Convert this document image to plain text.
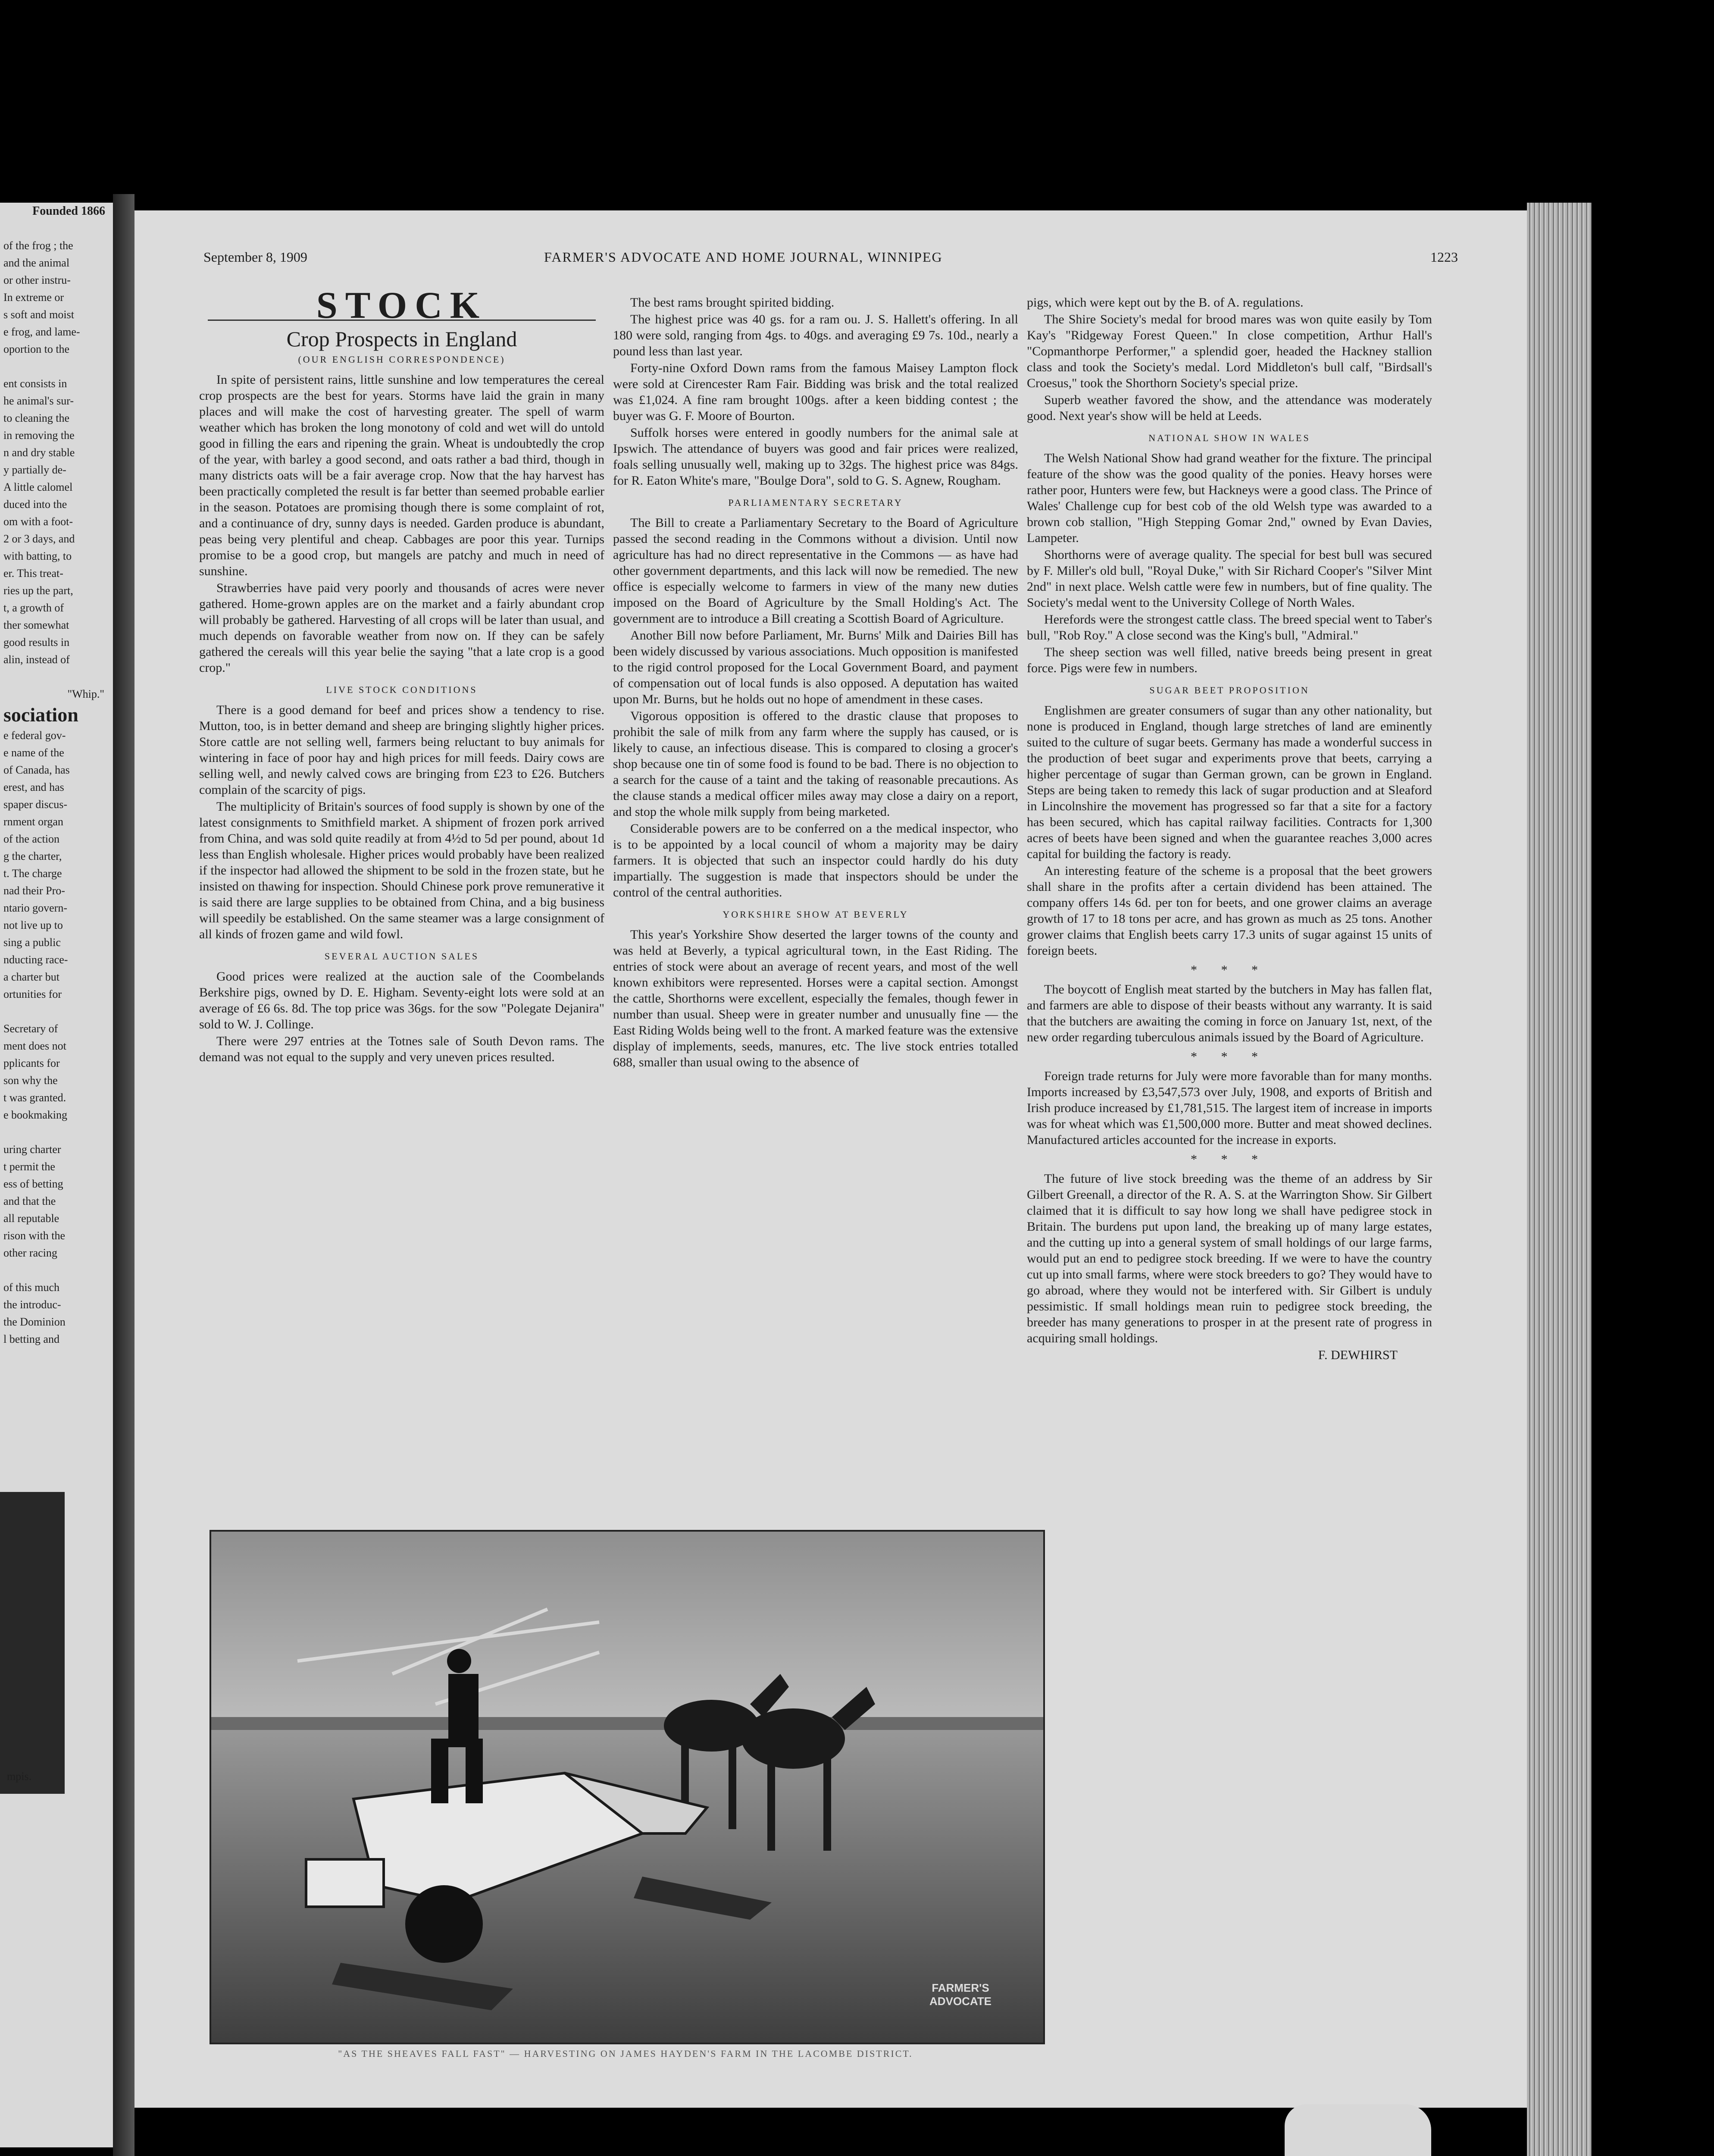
Founded 1866

of the frog ; the

and the animal

or other instru-

In extreme or

s soft and moist

e frog, and lame-

oportion to the

ent consists in

he animal's sur-

to cleaning the

in removing the

n and dry stable

y partially de-

A little calomel

duced into the

om with a foot-

2 or 3 days, and

with batting, to

er. This treat-

ries up the part,

t, a growth of

ther somewhat

good results in

alin, instead of

"Whip."

sociation

e federal gov-

e name of the

of Canada, has

erest, and has

spaper discus-

rnment organ

of the action

g the charter,

t. The charge

nad their Pro-

ntario govern-

not live up to

sing a public

nducting race-

a charter but

ortunities for

Secretary of

ment does not

pplicants for

son why the

t was granted.

e bookmaking

uring charter

t permit the

ess of betting

and that the

all reputable

rison with the

other racing

of this much

the introduc-

the Dominion

l betting and

mpis.

September 8, 1909	FARMER'S ADVOCATE AND HOME JOURNAL, WINNIPEG	1223
STOCK
Crop Prospects in England
(OUR ENGLISH CORRESPONDENCE)

In spite of persistent rains, little sunshine and low temperatures the cereal crop prospects are the best for years. Storms have laid the grain in many places and will make the cost of harvesting greater. The spell of warm weather which has broken the long monotony of cold and wet will do untold good in filling the ears and ripening the grain. Wheat is undoubtedly the crop of the year, with barley a good second, and oats rather a bad third, though in many districts oats will be a fair average crop. Now that the hay harvest has been practically completed the result is far better than seemed probable earlier in the season. Potatoes are promising though there is some complaint of rot, and a continuance of dry, sunny days is needed. Garden produce is abundant, peas being very plentiful and cheap. Cabbages are poor this year. Turnips promise to be a good crop, but mangels are patchy and much in need of sunshine.

Strawberries have paid very poorly and thousands of acres were never gathered. Home-grown apples are on the market and a fairly abundant crop will probably be gathered. Harvesting of all crops will be later than usual, and much depends on favorable weather from now on. If they can be safely gathered the cereals will this year belie the saying "that a late crop is a good crop."

LIVE STOCK CONDITIONS

There is a good demand for beef and prices show a tendency to rise. Mutton, too, is in better demand and sheep are bringing slightly higher prices. Store cattle are not selling well, farmers being reluctant to buy animals for wintering in face of poor hay and high prices for mill feeds. Dairy cows are selling well, and newly calved cows are bringing from £23 to £26. Butchers complain of the scarcity of pigs.

The multiplicity of Britain's sources of food supply is shown by one of the latest consignments to Smithfield market. A shipment of frozen pork arrived from China, and was sold quite readily at from 4½d to 5d per pound, about 1d less than English wholesale. Higher prices would probably have been realized if the inspector had allowed the shipment to be sold in the frozen state, but he insisted on thawing for inspection. Should Chinese pork prove remunerative it is said there are large supplies to be obtained from China, and a big business will speedily be established. On the same steamer was a large consignment of all kinds of frozen game and wild fowl.

SEVERAL AUCTION SALES

Good prices were realized at the auction sale of the Coombelands Berkshire pigs, owned by D. E. Higham. Seventy-eight lots were sold at an average of £6 6s. 8d. The top price was 36gs. for the sow "Polegate Dejanira" sold to W. J. Collinge.

There were 297 entries at the Totnes sale of South Devon rams. The demand was not equal to the supply and very uneven prices resulted.

The best rams brought spirited bidding.

The highest price was 40 gs. for a ram ou. J. S. Hallett's offering. In all 180 were sold, ranging from 4gs. to 40gs. and averaging £9 7s. 10d., nearly a pound less than last year.

Forty-nine Oxford Down rams from the famous Maisey Lampton flock were sold at Cirencester Ram Fair. Bidding was brisk and the total realized was £1,024. A fine ram brought 100gs. after a keen bidding contest ; the buyer was G. F. Moore of Bourton.

Suffolk horses were entered in goodly numbers for the animal sale at Ipswich. The attendance of buyers was good and fair prices were realized, foals selling unusually well, making up to 32gs. The highest price was 84gs. for R. Eaton White's mare, "Boulge Dora", sold to G. S. Agnew, Rougham.

PARLIAMENTARY SECRETARY

The Bill to create a Parliamentary Secretary to the Board of Agriculture passed the second reading in the Commons without a division. Until now agriculture has had no direct representative in the Commons — as have had other government departments, and this lack will now be remedied. The new office is especially welcome to farmers in view of the many new duties imposed on the Board of Agriculture by the Small Holding's Act. The government are to introduce a Bill creating a Scottish Board of Agriculture.

Another Bill now before Parliament, Mr. Burns' Milk and Dairies Bill has been widely discussed by various associations. Much opposition is manifested to the rigid control proposed for the Local Government Board, and payment of compensation out of local funds is also opposed. A deputation has waited upon Mr. Burns, but he holds out no hope of amendment in these cases.

Vigorous opposition is offered to the drastic clause that proposes to prohibit the sale of milk from any farm where the supply has caused, or is likely to cause, an infectious disease. This is compared to closing a grocer's shop because one tin of some food is found to be bad. There is no objection to a search for the cause of a taint and the taking of reasonable precautions. As the clause stands a medical officer miles away may close a dairy on a report, and stop the whole milk supply from being marketed.

Considerable powers are to be conferred on a the medical inspector, who is to be appointed by a local council of whom a majority may be dairy farmers. It is objected that such an inspector could hardly do his duty impartially. The suggestion is made that inspectors should be under the control of the central authorities.

YORKSHIRE SHOW AT BEVERLY

This year's Yorkshire Show deserted the larger towns of the county and was held at Beverly, a typical agricultural town, in the East Riding. The entries of stock were about an average of recent years, and most of the well known exhibitors were represented. Horses were a capital section. Amongst the cattle, Shorthorns were excellent, especially the females, though fewer in number than usual. Sheep were in greater number and unusually fine — the East Riding Wolds being well to the front. A marked feature was the extensive display of implements, seeds, manures, etc. The live stock entries totalled 688, smaller than usual owing to the absence of

pigs, which were kept out by the B. of A. regulations.

The Shire Society's medal for brood mares was won quite easily by Tom Kay's "Ridgeway Forest Queen." In close competition, Arthur Hall's "Copmanthorpe Performer," a splendid goer, headed the Hackney stallion class and took the Society's medal. Lord Middleton's bull calf, "Birdsall's Croesus," took the Shorthorn Society's special prize.

Superb weather favored the show, and the attendance was moderately good. Next year's show will be held at Leeds.

NATIONAL SHOW IN WALES

The Welsh National Show had grand weather for the fixture. The principal feature of the show was the good quality of the ponies. Heavy horses were rather poor, Hunters were few, but Hackneys were a good class. The Prince of Wales' Challenge cup for best cob of the old Welsh type was awarded to a brown cob stallion, "High Stepping Gomar 2nd," owned by Evan Davies, Lampeter.

Shorthorns were of average quality. The special for best bull was secured by F. Miller's old bull, "Royal Duke," with Sir Richard Cooper's "Silver Mint 2nd" in next place. Welsh cattle were few in numbers, but of fine quality. The Society's medal went to the University College of North Wales.

Herefords were the strongest cattle class. The breed special went to Taber's bull, "Rob Roy." A close second was the King's bull, "Admiral."

The sheep section was well filled, native breeds being present in great force. Pigs were few in numbers.

SUGAR BEET PROPOSITION

Englishmen are greater consumers of sugar than any other nationality, but none is produced in England, though large stretches of land are eminently suited to the culture of sugar beets. Germany has made a wonderful success in the production of beet sugar and experiments prove that beets, carrying a higher percentage of sugar than German grown, can be grown in England. Steps are being taken to remedy this lack of sugar production and at Sleaford in Lincolnshire the movement has progressed so far that a site for a factory has been secured, which has capital railway facilities. Contracts for 1,300 acres of beets have been signed and when the guarantee reaches 3,000 acres capital for building the factory is ready.

An interesting feature of the scheme is a proposal that the beet growers shall share in the profits after a certain dividend has been attained. The company offers 14s 6d. per ton for beets, and one grower claims an average growth of 17 to 18 tons per acre, and has grown as much as 25 tons. Another grower claims that English beets carry 17.3 units of sugar against 15 units of foreign beets.

* * *

The boycott of English meat started by the butchers in May has fallen flat, and farmers are able to dispose of their beasts without any warranty. It is said that the butchers are awaiting the coming in force on January 1st, next, of the new order regarding tuberculous animals issued by the Board of Agriculture.

* * *

Foreign trade returns for July were more favorable than for many months. Imports increased by £3,547,573 over July, 1908, and exports of British and Irish produce increased by £1,781,515. The largest item of increase in imports was for wheat which was £1,500,000 more. Butter and meat showed declines. Manufactured articles accounted for the increase in exports.

* * *

The future of live stock breeding was the theme of an address by Sir Gilbert Greenall, a director of the R. A. S. at the Warrington Show. Sir Gilbert claimed that it is difficult to say how long we shall have pedigree stock in Britain. The burdens put upon land, the breaking up of many large estates, and the cutting up into a general system of small holdings of our large farms, would put an end to pedigree stock breeding. If we were to have the country cut up into small farms, where were stock breeders to go? They would have to go abroad, where they would not be interfered with. Sir Gilbert is unduly pessimistic. If small holdings mean ruin to pedigree stock breeding, the breeder has many generations to prosper in at the present rate of progress in acquiring small holdings.

F. DEWHIRST

FARMER'S
ADVOCATE
"AS THE SHEAVES FALL FAST" — HARVESTING ON JAMES HAYDEN'S FARM IN THE LACOMBE DISTRICT.
